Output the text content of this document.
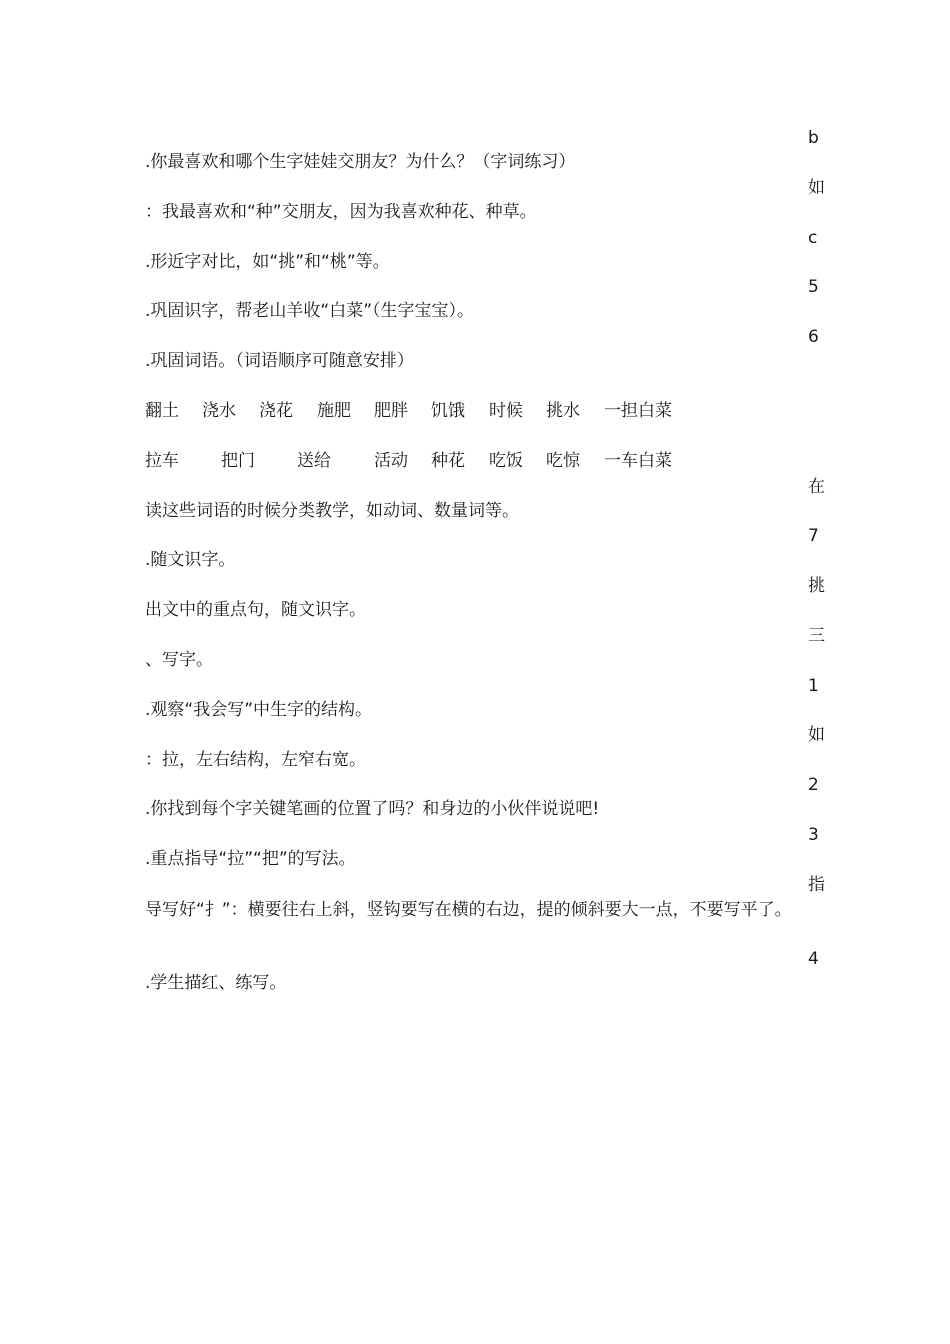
.你最喜欢和哪个生字娃娃交朋友？为什么？（字词练习）
：我最喜欢和“种”交朋友，因为我喜欢种花、种草。
.形近字对比，如“挑”和“桃”等。
.巩固识字，帮老山羊收“白菜”（生字宝宝）。
.巩固词语。（词语顺序可随意安排）
翻土 浇水 浇花 施肥 肥胖 饥饿 时候 挑水 一担白菜
拉车 把门 送给	活动 种花 吃饭 吃惊 一车白菜
读这些词语的时候分类教学，如动词、数量词等。
.随文识字。
出文中的重点句，随文识字。
、写字。
.观察“我会写”中生字的结构。
：拉，左右结构，左窄右宽。
.你找到每个字关键笔画的位置了吗？和身边的小伙伴说说吧!
.重点指导“拉”“把”的写法。
导写好“扌”：横要往右上斜，竖钩要写在横的右边，提的倾斜要大一点，不要写平了。
.学生描红、练写。
b
如
c
5
6
在
7
挑
三
1
如
2
3
指
4
